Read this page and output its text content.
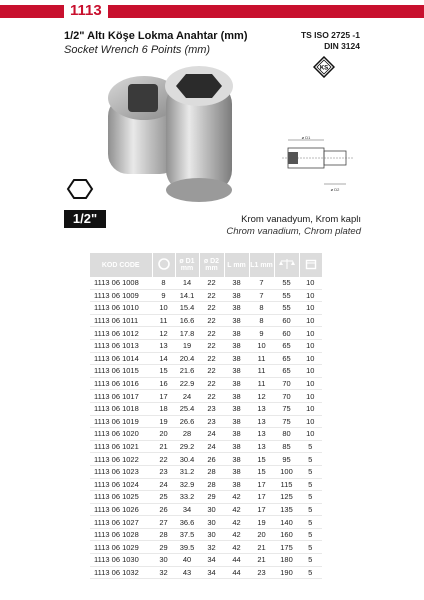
1113
1/2" Altı Köşe Lokma Anahtar (mm)
Socket Wrench 6 Points (mm)
TS ISO 2725 -1
DIN 3124
KS
ø D1
ø D2
1/2"	Krom vanadyum, Krom kaplı
Chrom vanadium, Chrom plated
KOD CODE		ø D1 mm	ø D2 mm	L mm	L1 mm		
1113 06 1008	8	14	22	38	7	55	10
1113 06 1009	9	14.1	22	38	7	55	10
1113 06 1010	10	15.4	22	38	8	55	10
1113 06 1011	11	16.6	22	38	8	60	10
1113 06 1012	12	17.8	22	38	9	60	10
1113 06 1013	13	19	22	38	10	65	10
1113 06 1014	14	20.4	22	38	11	65	10
1113 06 1015	15	21.6	22	38	11	65	10
1113 06 1016	16	22.9	22	38	11	70	10
1113 06 1017	17	24	22	38	12	70	10
1113 06 1018	18	25.4	23	38	13	75	10
1113 06 1019	19	26.6	23	38	13	75	10
1113 06 1020	20	28	24	38	13	80	10
1113 06 1021	21	29.2	24	38	13	85	5
1113 06 1022	22	30.4	26	38	15	95	5
1113 06 1023	23	31.2	28	38	15	100	5
1113 06 1024	24	32.9	28	38	17	115	5
1113 06 1025	25	33.2	29	42	17	125	5
1113 06 1026	26	34	30	42	17	135	5
1113 06 1027	27	36.6	30	42	19	140	5
1113 06 1028	28	37.5	30	42	20	160	5
1113 06 1029	29	39.5	32	42	21	175	5
1113 06 1030	30	40	34	44	21	180	5
1113 06 1032	32	43	34	44	23	190	5
